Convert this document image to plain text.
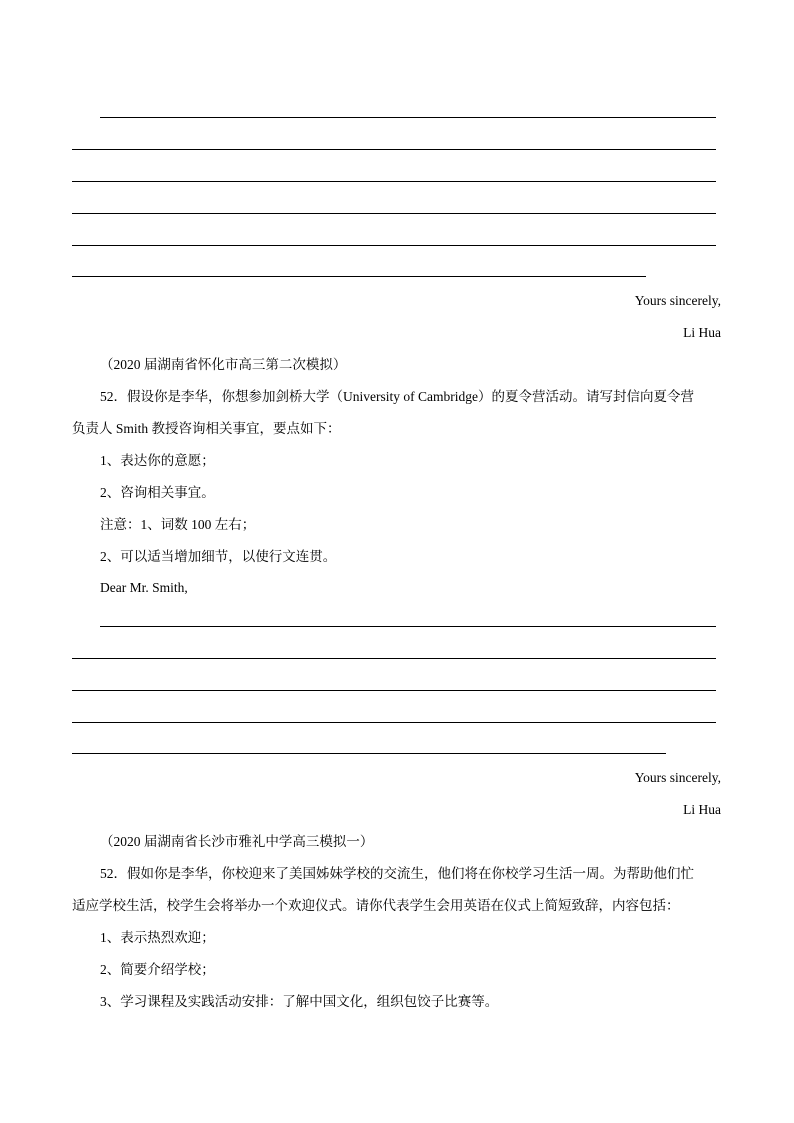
Yours sincerely,
Li Hua
（2020 届湖南省怀化市高三第二次模拟）
52．假设你是李华，你想参加剑桥大学（University of Cambridge）的夏令营活动。请写封信向夏令营
负责人 Smith 教授咨询相关事宜，要点如下：
1、表达你的意愿；
2、咨询相关事宜。
注意：1、词数 100 左右；
2、可以适当增加细节，以使行文连贯。
Dear Mr. Smith,
Yours sincerely,
Li Hua
（2020 届湖南省长沙市雅礼中学高三模拟一）
52．假如你是李华，你校迎来了美国姊妹学校的交流生，他们将在你校学习生活一周。为帮助他们忙
适应学校生活，校学生会将举办一个欢迎仪式。请你代表学生会用英语在仪式上简短致辞，内容包括：
1、表示热烈欢迎；
2、简要介绍学校；
3、学习课程及实践活动安排：了解中国文化，组织包饺子比赛等。
